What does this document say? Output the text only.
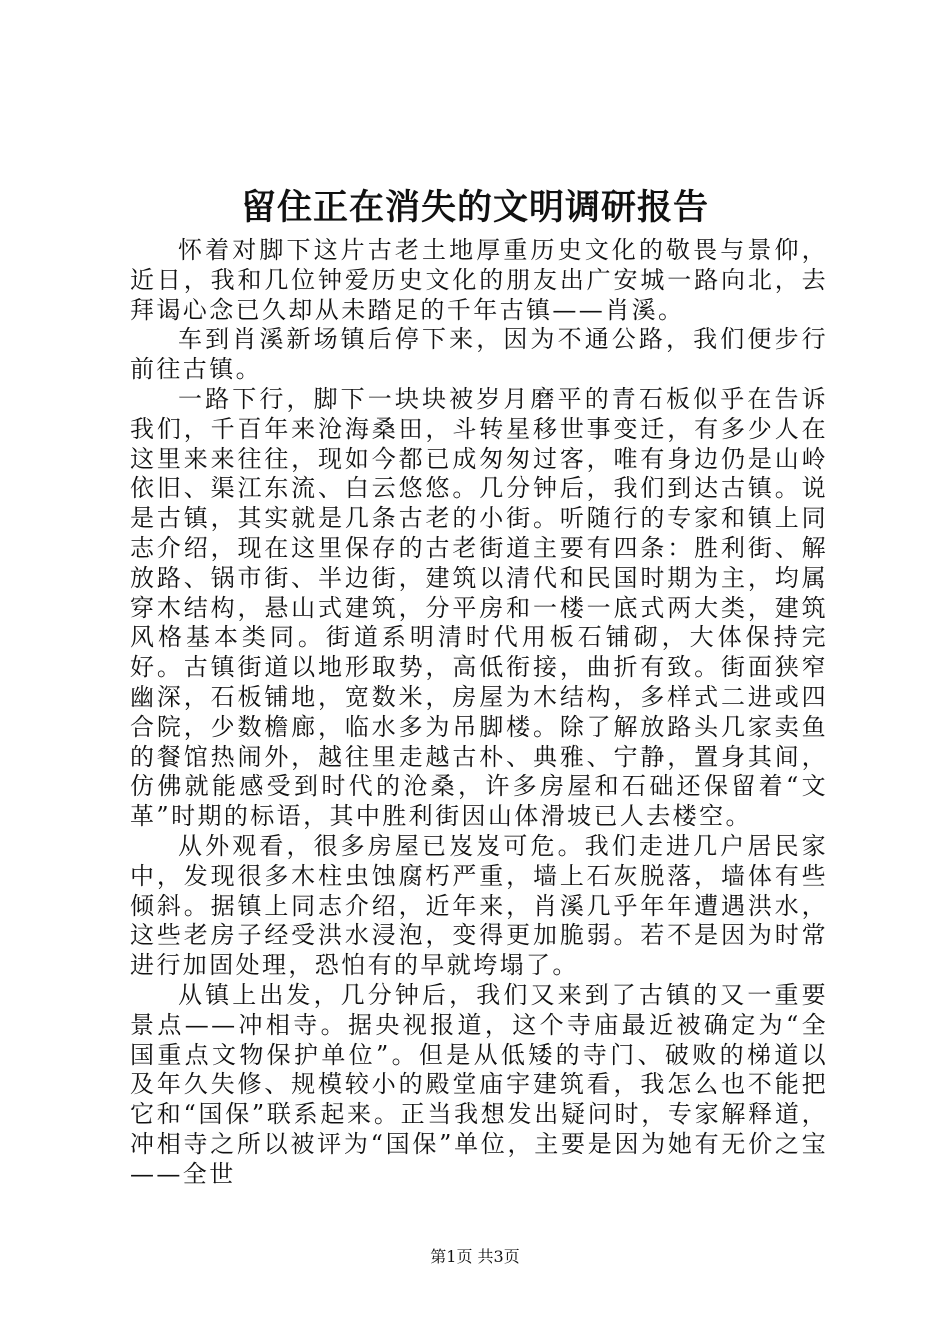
留住正在消失的文明调研报告

怀着对脚下这片古老土地厚重历史文化的敬畏与景仰，近日，我和几位钟爱历史文化的朋友出广安城一路向北，去拜谒心念已久却从未踏足的千年古镇——肖溪。

车到肖溪新场镇后停下来，因为不通公路，我们便步行前往古镇。

一路下行，脚下一块块被岁月磨平的青石板似乎在告诉我们，千百年来沧海桑田，斗转星移世事变迁，有多少人在这里来来往往，现如今都已成匆匆过客，唯有身边仍是山岭依旧、渠江东流、白云悠悠。几分钟后，我们到达古镇。说是古镇，其实就是几条古老的小街。听随行的专家和镇上同志介绍，现在这里保存的古老街道主要有四条：胜利街、解放路、锅市街、半边街，建筑以清代和民国时期为主，均属穿木结构，悬山式建筑，分平房和一楼一底式两大类，建筑风格基本类同。街道系明清时代用板石铺砌，大体保持完好。古镇街道以地形取势，高低衔接，曲折有致。街面狭窄幽深，石板铺地，宽数米，房屋为木结构，多样式二进或四合院，少数檐廊，临水多为吊脚楼。除了解放路头几家卖鱼的餐馆热闹外，越往里走越古朴、典雅、宁静，置身其间，仿佛就能感受到时代的沧桑，许多房屋和石础还保留着“文革”时期的标语，其中胜利街因山体滑坡已人去楼空。

从外观看，很多房屋已岌岌可危。我们走进几户居民家中，发现很多木柱虫蚀腐朽严重，墙上石灰脱落，墙体有些倾斜。据镇上同志介绍，近年来，肖溪几乎年年遭遇洪水，这些老房子经受洪水浸泡，变得更加脆弱。若不是因为时常进行加固处理，恐怕有的早就垮塌了。

从镇上出发，几分钟后，我们又来到了古镇的又一重要景点——冲相寺。据央视报道，这个寺庙最近被确定为“全国重点文物保护单位”。但是从低矮的寺门、破败的梯道以及年久失修、规模较小的殿堂庙宇建筑看，我怎么也不能把它和“国保”联系起来。正当我想发出疑问时，专家解释道，冲相寺之所以被评为“国保”单位，主要是因为她有无价之宝——全世

第1页 共3页
